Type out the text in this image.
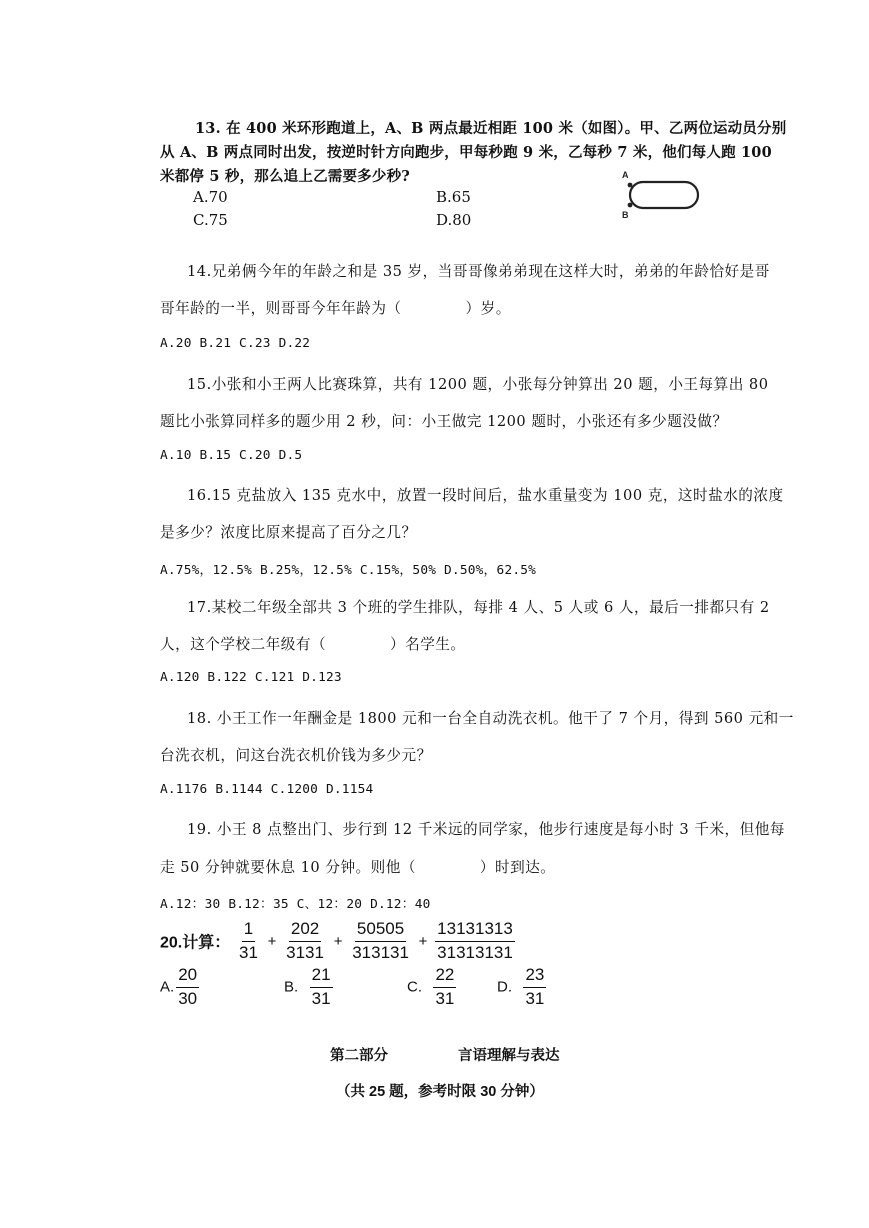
13. 在 400 米环形跑道上，A、B 两点最近相距 100 米（如图）。甲、乙两位运动员分别
从 A、B 两点同时出发，按逆时针方向跑步，甲每秒跑 9 米，乙每秒 7 米，他们每人跑 100
米都停 5 秒，那么追上乙需要多少秒?
A.70	B.65
C.75	D.80
A
B
14.兄弟俩今年的年龄之和是 35 岁，当哥哥像弟弟现在这样大时，弟弟的年龄恰好是哥
哥年龄的一半，则哥哥今年年龄为（	）岁。
A.20 B.21 C.23 D.22
15.小张和小王两人比赛珠算，共有 1200 题，小张每分钟算出 20 题，小王每算出 80
题比小张算同样多的题少用 2 秒，问：小王做完 1200 题时，小张还有多少题没做？
A.10 B.15 C.20 D.5
16.15 克盐放入 135 克水中，放置一段时间后，盐水重量变为 100 克，这时盐水的浓度
是多少？浓度比原来提高了百分之几？
A.75%，12.5% B.25%，12.5% C.15%，50% D.50%，62.5%
17.某校二年级全部共 3 个班的学生排队，每排 4 人、5 人或 6 人，最后一排都只有 2
人，这个学校二年级有（	）名学生。
A.120 B.122 C.121 D.123
18. 小王工作一年酬金是 1800 元和一台全自动洗衣机。他干了 7 个月，得到 560 元和一
台洗衣机，问这台洗衣机价钱为多少元？
A.1176 B.1144 C.1200 D.1154
19. 小王 8 点整出门、步行到 12 千米远的同学家，他步行速度是每小时 3 千米，但他每
走 50 分钟就要休息 10 分钟。则他（	）时到达。
A.12：30 B.12：35 C、12：20 D.12：40
20.计算： $\frac{1}{31} + \frac{202}{3131} + \frac{50505}{313131} + \frac{13131313}{31313131}$
A. $\frac{20}{30}$	B. $\frac{21}{31}$	C. $\frac{22}{31}$	D. $\frac{23}{31}$
第二部分	言语理解与表达
（共 25 题，参考时限 30 分钟）
